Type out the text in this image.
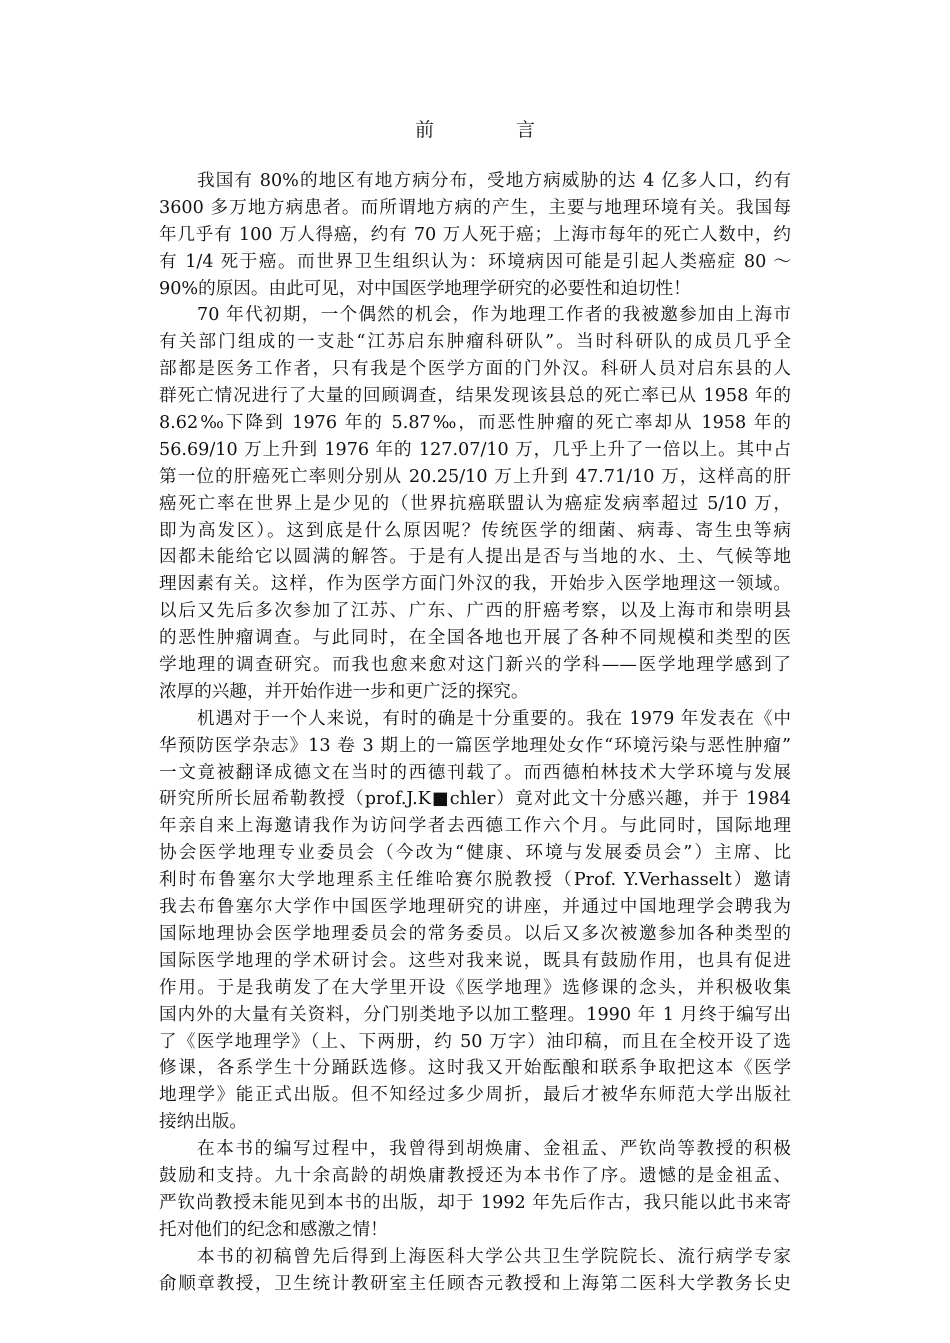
前 言
我国有 80%的地区有地方病分布，受地方病威胁的达 4 亿多人口，约有
3600 多万地方病患者。而所谓地方病的产生，主要与地理环境有关。我国每
年几乎有 100 万人得癌，约有 70 万人死于癌；上海市每年的死亡人数中，约
有 1/4 死于癌。而世界卫生组织认为：环境病因可能是引起人类癌症 80 ～
90%的原因。由此可见，对中国医学地理学研究的必要性和迫切性！
70 年代初期，一个偶然的机会，作为地理工作者的我被邀参加由上海市
有关部门组成的一支赴“江苏启东肿瘤科研队”。当时科研队的成员几乎全
部都是医务工作者，只有我是个医学方面的门外汉。科研人员对启东县的人
群死亡情况进行了大量的回顾调查，结果发现该县总的死亡率已从 1958 年的
8.62‰下降到 1976 年的 5.87‰，而恶性肿瘤的死亡率却从 1958 年的
56.69/10 万上升到 1976 年的 127.07/10 万，几乎上升了一倍以上。其中占
第一位的肝癌死亡率则分别从 20.25/10 万上升到 47.71/10 万，这样高的肝
癌死亡率在世界上是少见的（世界抗癌联盟认为癌症发病率超过 5/10 万，
即为高发区）。这到底是什么原因呢？传统医学的细菌、病毒、寄生虫等病
因都未能给它以圆满的解答。于是有人提出是否与当地的水、土、气候等地
理因素有关。这样，作为医学方面门外汉的我，开始步入医学地理这一领域。
以后又先后多次参加了江苏、广东、广西的肝癌考察，以及上海市和崇明县
的恶性肿瘤调查。与此同时，在全国各地也开展了各种不同规模和类型的医
学地理的调查研究。而我也愈来愈对这门新兴的学科——医学地理学感到了
浓厚的兴趣，并开始作进一步和更广泛的探究。
机遇对于一个人来说，有时的确是十分重要的。我在 1979 年发表在《中
华预防医学杂志》13 卷 3 期上的一篇医学地理处女作“环境污染与恶性肿瘤”
一文竟被翻译成德文在当时的西德刊载了。而西德柏林技术大学环境与发展
研究所所长屈希勒教授（prof.J.K■chler）竟对此文十分感兴趣，并于 1984
年亲自来上海邀请我作为访问学者去西德工作六个月。与此同时，国际地理
协会医学地理专业委员会（今改为“健康、环境与发展委员会”）主席、比
利时布鲁塞尔大学地理系主任维哈赛尔脱教授（Prof. Y.Verhasselt）邀请
我去布鲁塞尔大学作中国医学地理研究的讲座，并通过中国地理学会聘我为
国际地理协会医学地理委员会的常务委员。以后又多次被邀参加各种类型的
国际医学地理的学术研讨会。这些对我来说，既具有鼓励作用，也具有促进
作用。于是我萌发了在大学里开设《医学地理》选修课的念头，并积极收集
国内外的大量有关资料，分门别类地予以加工整理。1990 年 1 月终于编写出
了《医学地理学》（上、下两册，约 50 万字）油印稿，而且在全校开设了选
修课，各系学生十分踊跃选修。这时我又开始酝酿和联系争取把这本《医学
地理学》能正式出版。但不知经过多少周折，最后才被华东师范大学出版社
接纳出版。
在本书的编写过程中，我曾得到胡焕庸、金祖孟、严钦尚等教授的积极
鼓励和支持。九十余高龄的胡焕庸教授还为本书作了序。遗憾的是金祖孟、
严钦尚教授未能见到本书的出版，却于 1992 年先后作古，我只能以此书来寄
托对他们的纪念和感激之情！
本书的初稿曾先后得到上海医科大学公共卫生学院院长、流行病学专家
俞顺章教授，卫生统计教研室主任顾杏元教授和上海第二医科大学教务长史
